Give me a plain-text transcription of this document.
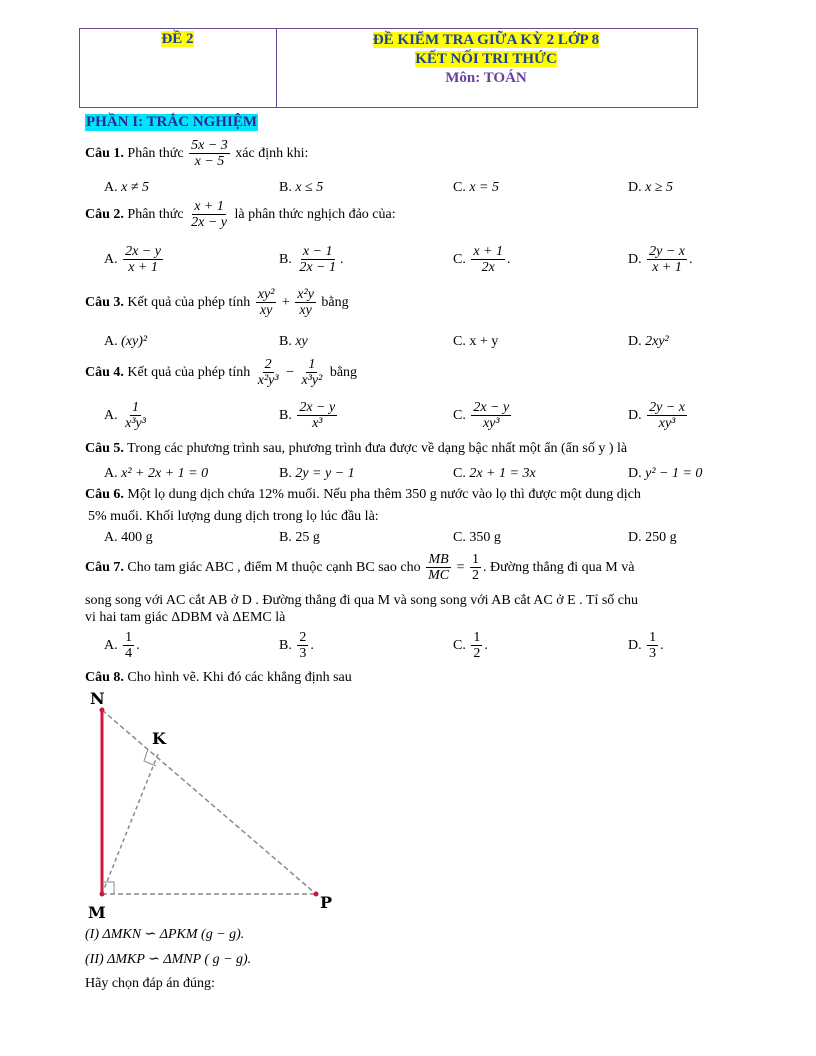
ĐỀ 2	ĐỀ KIỂM TRA GIỮA KỲ 2 LỚP 8
KẾT NỐI TRI THỨC
Môn: TOÁN
PHẦN I: TRẮC NGHIỆM
Câu 1. Phân thức $\frac{5x - 3}{x - 5}$ xác định khi:
A. x ≠ 5	B. x ≤ 5	C. x = 5	D. x ≥ 5
Câu 2. Phân thức $\frac{x + 1}{2x - y}$ là phân thức nghịch đảo của:
A. $\frac{2x - y}{x + 1}$	B. $\frac{x - 1}{2x - 1}$ .	C. $\frac{x + 1}{2x}$ .	D. $\frac{2y - x}{x + 1}$ .
Câu 3. Kết quả của phép tính $\frac{\text{xy²}}{xy} + \frac{\text{x²y}}{xy}$ bằng
A. (xy)²	B. xy	C. x + y	D. 2xy²
Câu 4. Kết quả của phép tính $\frac{2}{\text{x²y³}} - \frac{1}{\text{x³y²}}$ bằng
A. $\frac{1}{\text{x³y³}}$	B. $\frac{2x - y}{\text{x³}}$	C. $\frac{2x - y}{\text{xy³}}$	D. $\frac{2y - x}{\text{xy³}}$
Câu 5. Trong các phương trình sau, phương trình đưa được về dạng bậc nhất một ẩn (ẩn số y ) là
A. x² + 2x + 1 = 0	B. 2y = y − 1	C. 2x + 1 = 3x	D. y² − 1 = 0
Câu 6. Một lọ dung dịch chứa 12% muối. Nếu pha thêm 350 g nước vào lọ thì được một dung dịch
5% muối. Khối lượng dung dịch trong lọ lúc đầu là:
A. 400 g	B. 25 g	C. 350 g	D. 250 g
Câu 7. Cho tam giác ABC , điểm M thuộc cạnh BC sao cho $\frac{MB}{MC} = \frac{1}{2}$ . Đường thẳng đi qua M và
song song với AC cắt AB ở D . Đường thẳng đi qua M và song song với AB cắt AC ở E . Tỉ số chu
vi hai tam giác ΔDBM và ΔEMC là
A. $\frac{1}{4}$ .	B. $\frac{2}{3}$ .	C. $\frac{1}{2}$ .	D. $\frac{1}{3}$ .
Câu 8. Cho hình vẽ. Khi đó các khẳng định sau
N
K
M
P
(I) ΔMKN ∽ ΔPKM (g − g).
(II) ΔMKP ∽ ΔMNP ( g − g).
Hãy chọn đáp án đúng:
